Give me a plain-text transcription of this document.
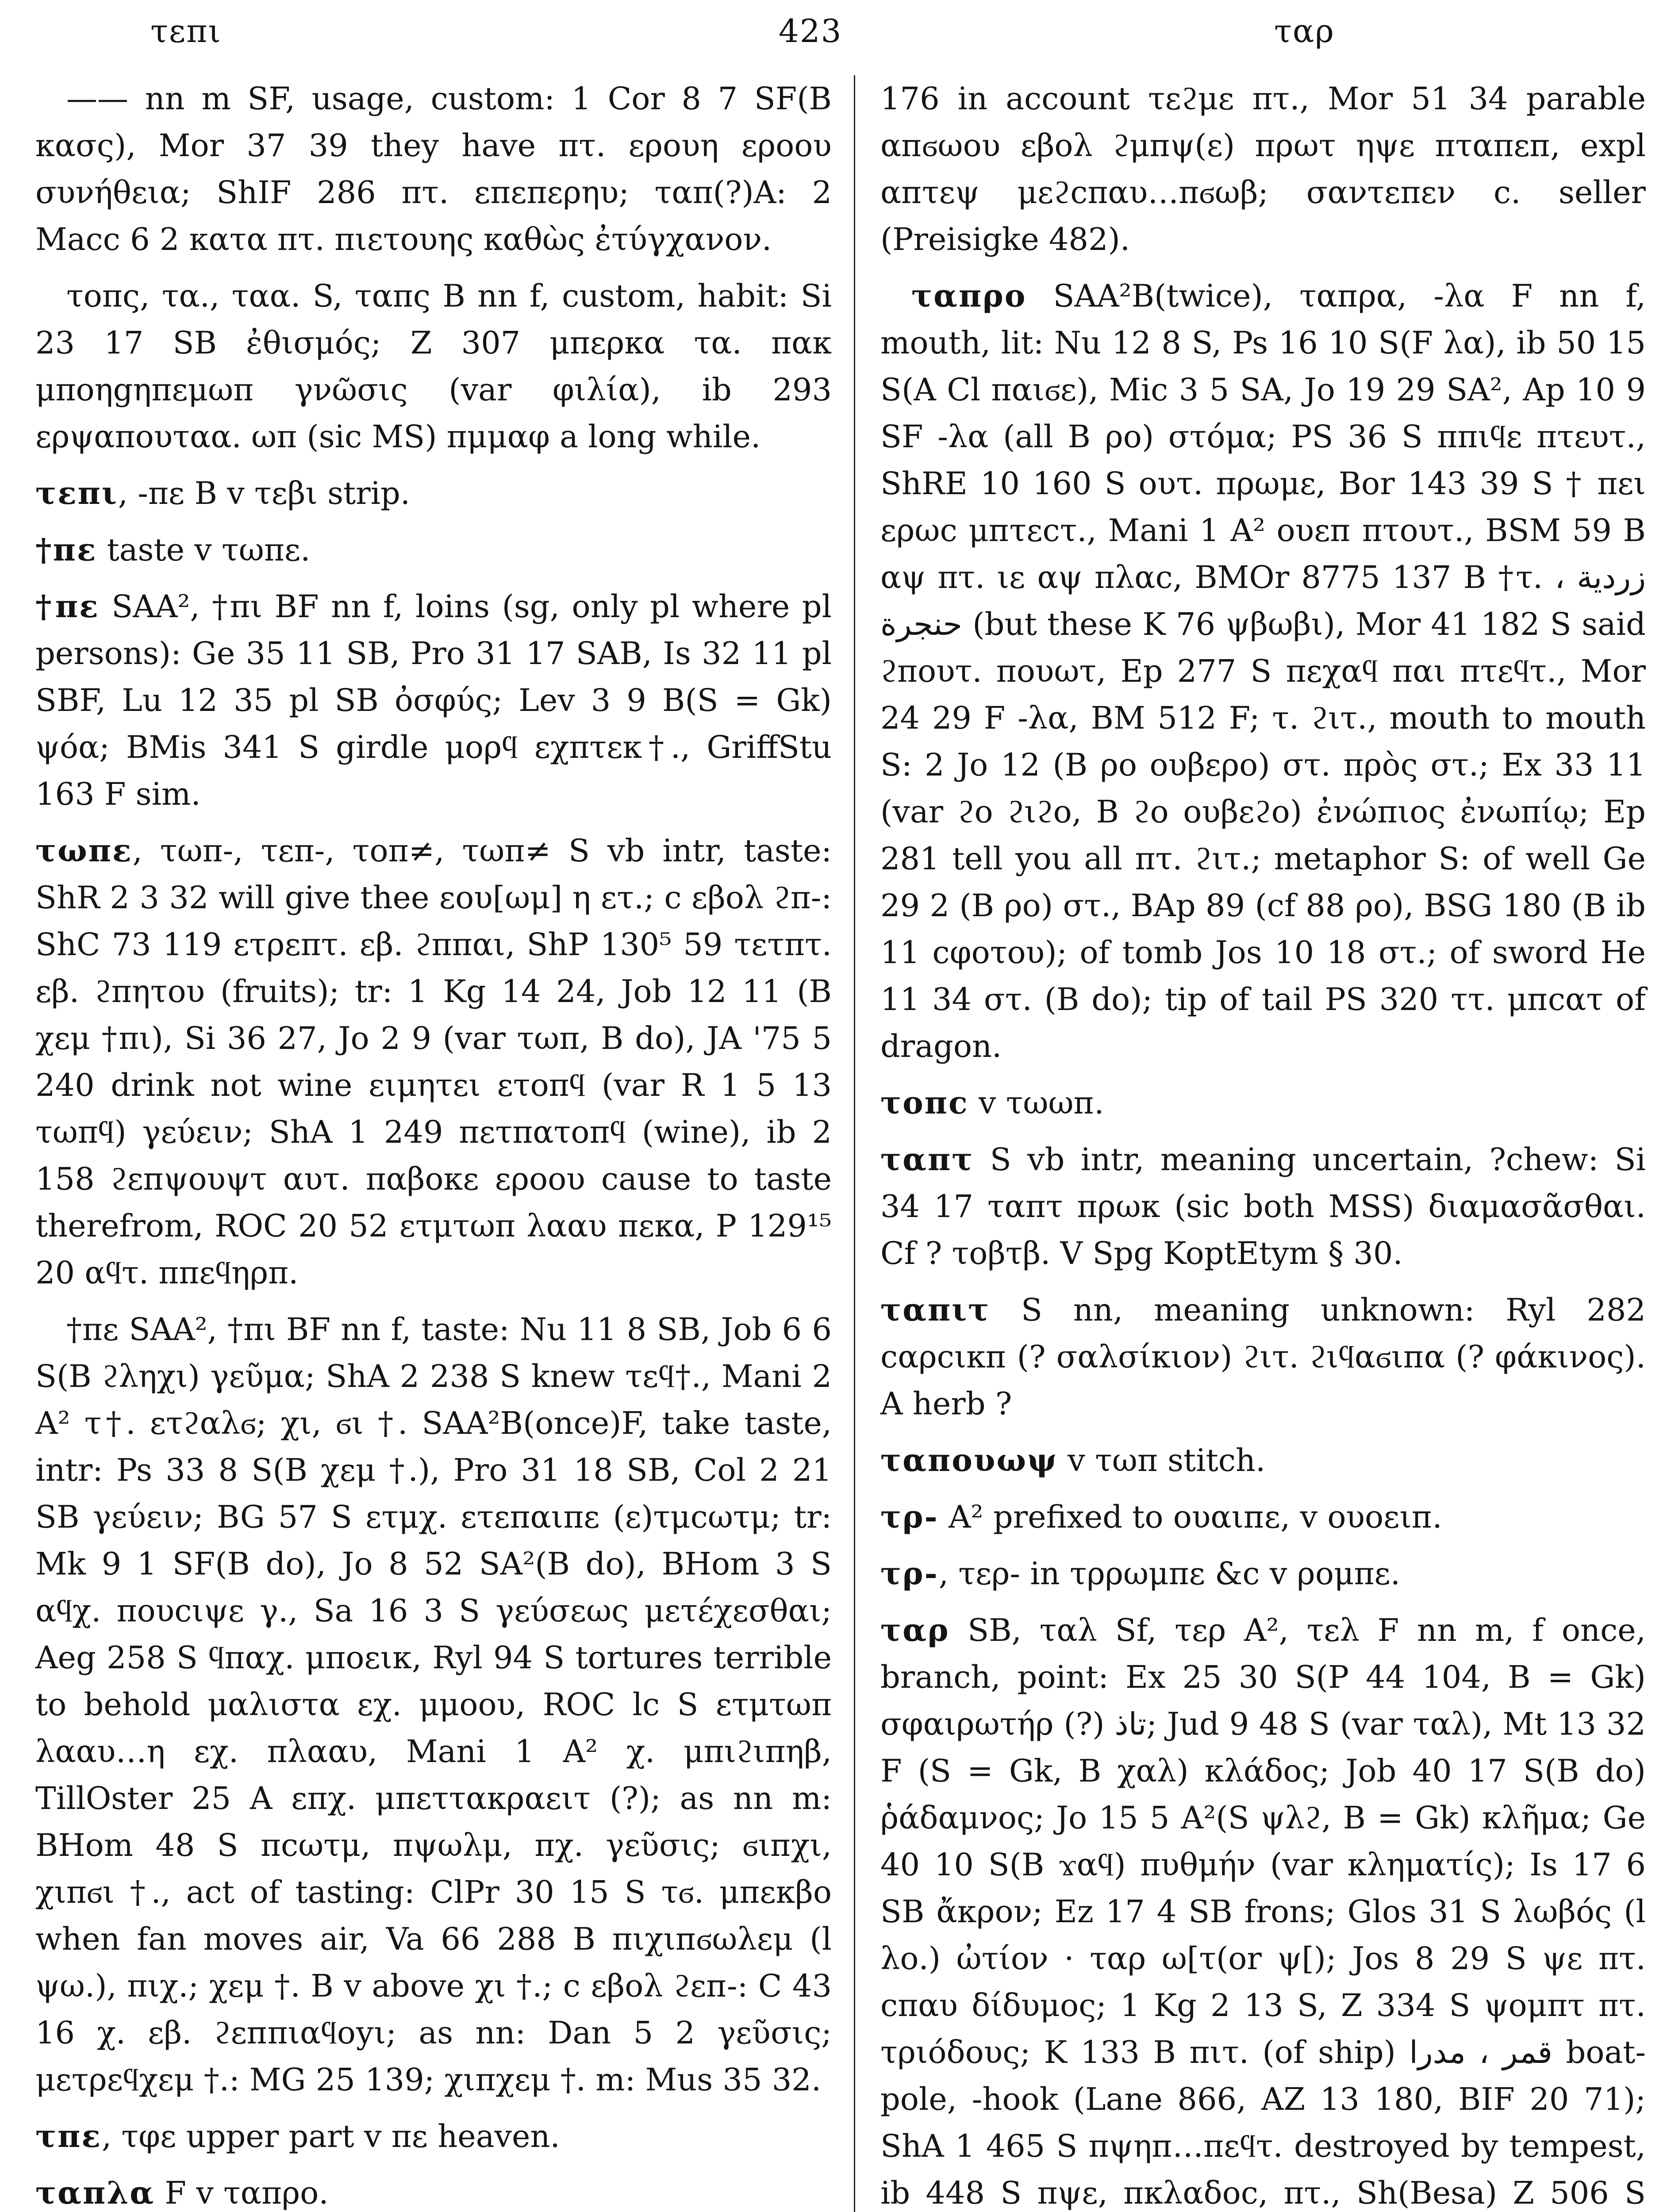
τεπι	423	ταρ
—— nn m SF, usage, custom: 1 Cor 8 7 SF(B κασς), Mor 37 39 they have πτ. ερουη εροου συνήθεια; ShIF 286 πτ. επεπερηυ; ταπ(?)A: 2 Macc 6 2 κατα πτ. πιετουης καθὼς ἐτύγχανον.
τοπς, τα., ταα. S, ταπς B nn f, custom, habit: Si 23 17 SB ἐθισμός; Z 307 μπερκα τα. πακ μποηgηπεμωπ γνῶσις (var φιλία), ib 293 ερψαπουταα. ωπ (sic MS) πμμαφ a long while.
τεπι, -πε B v τεβι strip.
†πε taste v τωπε.
†πε SAA², †πι BF nn f, loins (sg, only pl where pl persons): Ge 35 11 SB, Pro 31 17 SAB, Is 32 11 pl SBF, Lu 12 35 pl SB ὀσφύς; Lev 3 9 B(S = Gk) ψόα; BMis 341 S girdle μορϥ εχπτεκ†., GriffStu 163 F sim.
τωπε, τωπ-, τεπ-, τοπ≠, τωπ≠ S vb intr, taste: ShR 2 3 32 will give thee εου[ωμ] η ετ.; c εβολ ϩπ-: ShC 73 119 ετρεπτ. εβ. ϩππαι, ShP 130⁵ 59 τετπτ. εβ. ϩπητου (fruits); tr: 1 Kg 14 24, Job 12 11 (B χεμ †πι), Si 36 27, Jo 2 9 (var τωπ, B do), JA '75 5 240 drink not wine ειμητει ετοπϥ (var R 1 5 13 τωπϥ) γεύειν; ShA 1 249 πετπατοπϥ (wine), ib 2 158 ϩεпψουψτ αυτ. παβοκε εροου cause to taste therefrom, ROC 20 52 ετμτωπ λααυ πεκα, P 129¹⁵ 20 αϥτ. ππεϥηρπ.
†πε SAA², †πι BF nn f, taste: Nu 11 8 SB, Job 6 6 S(B ϩληχι) γεῦμα; ShA 2 238 S knew τεϥ†., Mani 2 A² τ†. ετϩαλϭ; χι, ϭι †. SAA²B(once)F, take taste, intr: Ps 33 8 S(B χεμ †.), Pro 31 18 SB, Col 2 21 SB γεύειν; BG 57 S ετμχ. ετεπαιπε (ε)τμсωτμ; tr: Mk 9 1 SF(B do), Jo 8 52 SA²(B do), BHom 3 S αϥχ. πουсιψε γ., Sa 16 3 S γεύσεως μετέχεσθαι; Aeg 258 S ϥπαχ. μποεικ, Ryl 94 S tortures terrible to behold μαλιστα εχ. μμοου, ROC lc S ετμτωπ λααυ…η εχ. πλααυ, Mani 1 A² χ. μπιϩιπηβ, TillOster 25 A επχ. μπεττακραειτ (?); as nn m: BHom 48 S πсωτμ, πψωλμ, πχ. γεῦσις; ϭιпχι, χιπϭι †., act of tasting: ClPr 30 15 S τϭ. μπεκβο when fan moves air, Va 66 288 B πιχιпϭωλεμ (l ψω.), πιχ.; χεμ †. B v above χι †.; c εβολ ϩεп-: C 43 16 χ. εβ. ϩεпπιαϥоуι; as nn: Dan 5 2 γεῦσις; μετρεϥχεμ †.: MG 25 139; χιπχεμ †. m: Mus 35 32.
τπε, τφε upper part v πε heaven.
ταπλα F v ταπρο.
176 in account τεϩμε πτ., Mor 51 34 parable αпϭωου εβολ ϩμпψ(ε) πρωτ ηψε πταπεп, expl αпτεψ μεϩсπαυ…πϭωβ; σαντεπεν c. seller (Preisigke 482).
ταπρο SAA²B(twice), ταпρα, -λα F nn f, mouth, lit: Nu 12 8 S, Ps 16 10 S(F λα), ib 50 15 S(A Cl παιϭε), Mic 3 5 SA, Jo 19 29 SA², Ap 10 9 SF -λα (all B ρο) στόμα; PS 36 S ππιϥε πτευτ., ShRE 10 160 S ουτ. πρωμε, Bor 143 39 S † πει ερωс μпτεсτ., Mani 1 A² ουεп πτουτ., BSM 59 B αψ πτ. ιε αψ πλαс, BMOr 8775 137 B †τ. زردية ، حنجرة (but these K 76 ψβωβι), Mor 41 182 S said ϩπουτ. πουωτ, Ep 277 S πεχαϥ παι πτεϥτ., Mor 24 29 F -λα, BM 512 F; τ. ϩιτ., mouth to mouth S: 2 Jo 12 (B ρο ουβερο) στ. πρὸς στ.; Ex 33 11 (var ϩο ϩιϩο, B ϩο ουβεϩο) ἐνώπιος ἐνωπίῳ; Ep 281 tell you all πτ. ϩιτ.; metaphor S: of well Ge 29 2 (B ρο) στ., BAp 89 (cf 88 ρο), BSG 180 (B ib 11 сφοτου); of tomb Jos 10 18 στ.; of sword He 11 34 στ. (B do); tip of tail PS 320 ττ. μпсατ of dragon.
τοπс v τωωп.
ταπτ S vb intr, meaning uncertain, ?chew: Si 34 17 ταπτ πρωκ (sic both MSS) διαμασᾶσθαι. Cf ? τοβτβ. V Spg KoptEtym § 30.
ταπιτ S nn, meaning unknown: Ryl 282 сαρсικп (? σαλσίκιον) ϩιτ. ϩιϥαϭιпα (? φάκινος). A herb ?
ταπουωψ v τωπ stitch.
τρ- A² prefixed to ουαιпε, v ουοειп.
τρ-, τερ- in τρρωμπε &c v ρομπε.
ταρ SB, ταλ Sf, τερ A², τελ F nn m, f once, branch, point: Ex 25 30 S(P 44 104, B = Gk) σφαιρωτήρ (?) تاذ; Jud 9 48 S (var ταλ), Mt 13 32 F (S = Gk, B χαλ) κλάδος; Job 40 17 S(B do) ῥάδαμνος; Jo 15 5 A²(S ψλϩ, B = Gk) κλῆμα; Ge 40 10 S(B ϫαϥ) πυθμήν (var κληματίς); Is 17 6 SB ἄκρον; Ez 17 4 SB frons; Glos 31 S λωβός (l λο.) ὠτίον · ταρ ω[τ(or ψ[); Jos 8 29 S ψε πτ. сπαυ δίδυμος; 1 Kg 2 13 S, Z 334 S ψομπτ πτ. τριόδους; K 133 B πιτ. (of ship) قمر ، مدرا boat-pole, -hook (Lane 866, AZ 13 180, BIF 20 71); ShA 1 465 S πψηп…πεϥτ. destroyed by tempest, ib 448 S πψε, πκλαδοс, πτ., Sh(Besa) Z 506 S
